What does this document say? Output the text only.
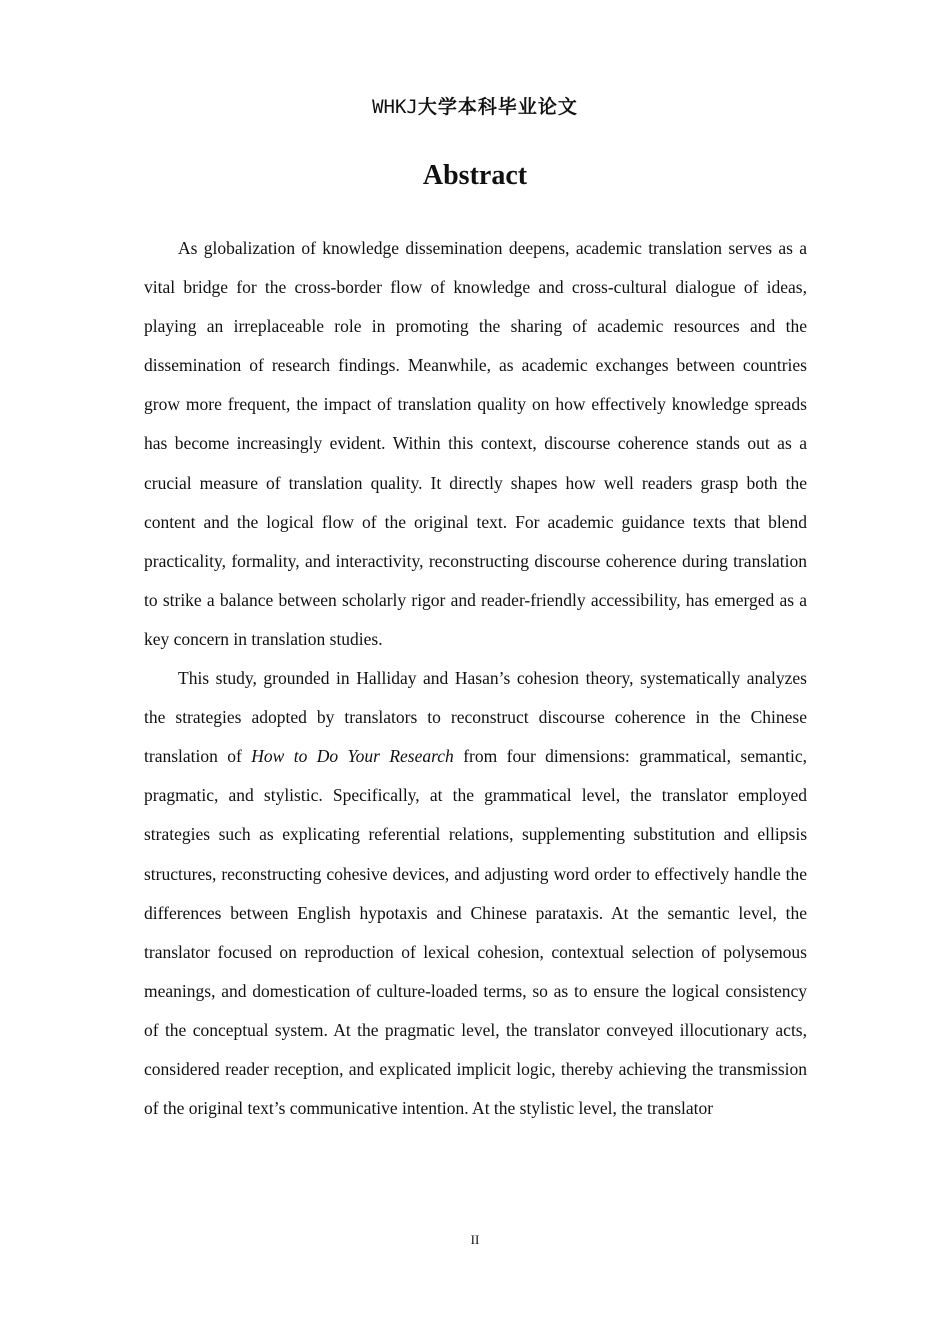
WHKJ大学本科毕业论文
Abstract

As globalization of knowledge dissemination deepens, academic translation serves as a vital bridge for the cross-border flow of knowledge and cross-cultural dialogue of ideas, playing an irreplaceable role in promoting the sharing of academic resources and the dissemination of research findings. Meanwhile, as academic exchanges between countries grow more frequent, the impact of translation quality on how effectively knowledge spreads has become increasingly evident. Within this context, discourse coherence stands out as a crucial measure of translation quality. It directly shapes how well readers grasp both the content and the logical flow of the original text. For academic guidance texts that blend practicality, formality, and interactivity, reconstructing discourse coherence during translation to strike a balance between scholarly rigor and reader-friendly accessibility, has emerged as a key concern in translation studies.

This study, grounded in Halliday and Hasan’s cohesion theory, systematically analyzes the strategies adopted by translators to reconstruct discourse coherence in the Chinese translation of How to Do Your Research from four dimensions: grammatical, semantic, pragmatic, and stylistic. Specifically, at the grammatical level, the translator employed strategies such as explicating referential relations, supplementing substitution and ellipsis structures, reconstructing cohesive devices, and adjusting word order to effectively handle the differences between English hypotaxis and Chinese parataxis. At the semantic level, the translator focused on reproduction of lexical cohesion, contextual selection of polysemous meanings, and domestication of culture-loaded terms, so as to ensure the logical consistency of the conceptual system. At the pragmatic level, the translator conveyed illocutionary acts, considered reader reception, and explicated implicit logic, thereby achieving the transmission of the original text’s communicative intention. At the stylistic level, the translator

II
